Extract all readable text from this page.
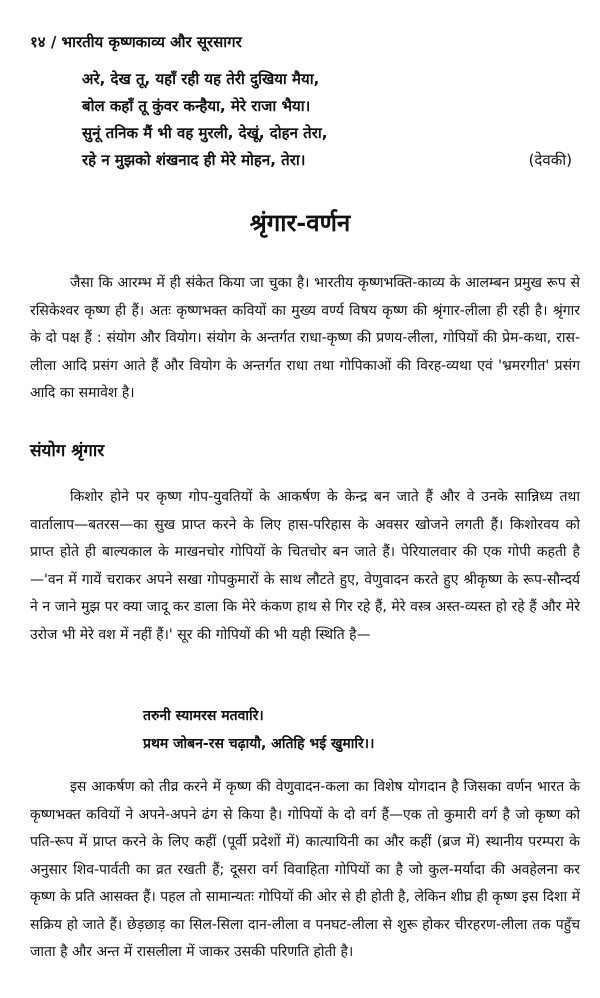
१४ / भारतीय कृष्णकाव्य और सूरसागर
अरे, देख तू, यहाँ रही यह तेरी दुखिया मैया,
बोल कहाँ तू कुंवर कन्हैया, मेरे राजा भैया।
सुनूं तनिक मैं भी वह मुरली, देखूं, दोहन तेरा,
रहे न मुझको शंखनाद ही मेरे मोहन, तेरा।	(देवकी)
श्रृंगार-वर्णन

जैसा कि आरम्भ में ही संकेत किया जा चुका है। भारतीय कृष्णभक्ति-काव्य के आलम्बन प्रमुख रूप से रसिकेश्वर कृष्ण ही हैं। अतः कृष्णभक्त कवियों का मुख्य वर्ण्य विषय कृष्ण की श्रृंगार-लीला ही रही है। श्रृंगार के दो पक्ष हैं : संयोग और वियोग। संयोग के अन्तर्गत राधा-कृष्ण की प्रणय-लीला, गोपियों की प्रेम-कथा, रास-लीला आदि प्रसंग आते हैं और वियोग के अन्तर्गत राधा तथा गोपिकाओं की विरह-व्यथा एवं 'भ्रमरगीत' प्रसंग आदि का समावेश है।

संयोग श्रृंगार

किशोर होने पर कृष्ण गोप-युवतियों के आकर्षण के केन्द्र बन जाते हैं और वे उनके सान्निध्य तथा वार्तालाप—बतरस—का सुख प्राप्त करने के लिए हास-परिहास के अवसर खोजने लगती हैं। किशोरवय को प्राप्त होते ही बाल्यकाल के माखनचोर गोपियों के चितचोर बन जाते हैं। पेरियालवार की एक गोपी कहती है—'वन में गायें चराकर अपने सखा गोपकुमारों के साथ लौटते हुए, वेणुवादन करते हुए श्रीकृष्ण के रूप-सौन्दर्य ने न जाने मुझ पर क्या जादू कर डाला कि मेरे कंकण हाथ से गिर रहे हैं, मेरे वस्त्र अस्त-व्यस्त हो रहे हैं और मेरे उरोज भी मेरे वश में नहीं हैं।' सूर की गोपियों की भी यही स्थिति है—

तरुनी स्यामरस मतवारि।
प्रथम जोबन-रस चढ़ायौ, अतिहि भई खुमारि।।

इस आकर्षण को तीव्र करने में कृष्ण की वेणुवादन-कला का विशेष योगदान है जिसका वर्णन भारत के कृष्णभक्त कवियों ने अपने-अपने ढंग से किया है। गोपियों के दो वर्ग हैं—एक तो कुमारी वर्ग है जो कृष्ण को पति-रूप में प्राप्त करने के लिए कहीं (पूर्वी प्रदेशों में) कात्यायिनी का और कहीं (ब्रज में) स्थानीय परम्परा के अनुसार शिव-पार्वती का व्रत रखती हैं; दूसरा वर्ग विवाहिता गोपियों का है जो कुल-मर्यादा की अवहेलना कर कृष्ण के प्रति आसक्त हैं। पहल तो सामान्यतः गोपियों की ओर से ही होती है, लेकिन शीघ्र ही कृष्ण इस दिशा में सक्रिय हो जाते हैं। छेड़छाड़ का सिल-सिला दान-लीला व पनघट-लीला से शुरू होकर चीरहरण-लीला तक पहुँच जाता है और अन्त में रासलीला में जाकर उसकी परिणति होती है।
